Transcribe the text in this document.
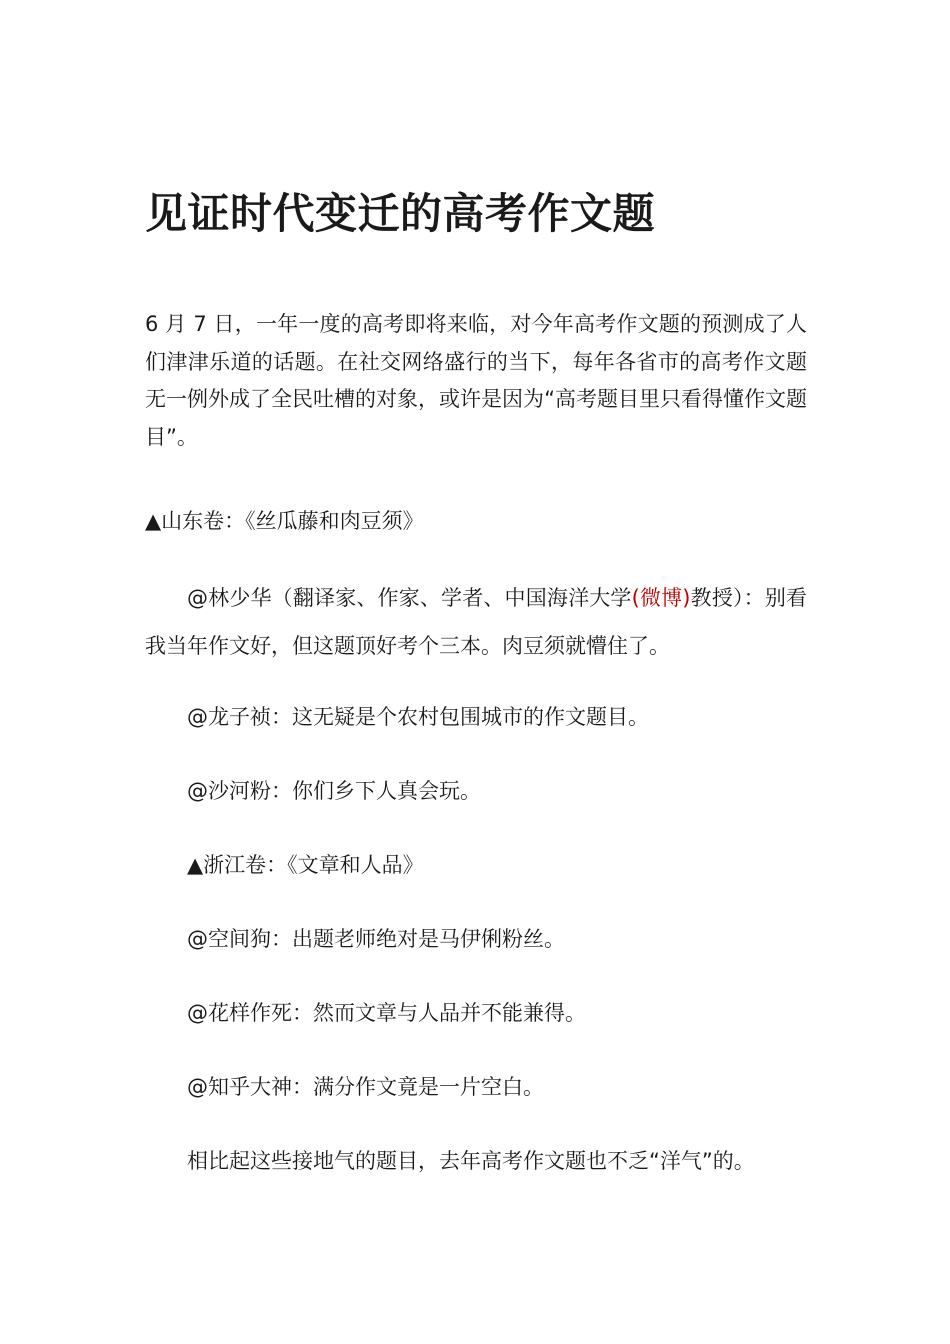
见证时代变迁的高考作文题

6 月 7 日，一年一度的高考即将来临，对今年高考作文题的预测成了人们津津乐道的话题。在社交网络盛行的当下，每年各省市的高考作文题无一例外成了全民吐槽的对象，或许是因为“高考题目里只看得懂作文题目”。

▲山东卷：《丝瓜藤和肉豆须》

@林少华（翻译家、作家、学者、中国海洋大学(微博)教授）：别看我当年作文好，但这题顶好考个三本。肉豆须就懵住了。

@龙子祯：这无疑是个农村包围城市的作文题目。

@沙河粉：你们乡下人真会玩。

▲浙江卷：《文章和人品》

@空间狗：出题老师绝对是马伊俐粉丝。

@花样作死：然而文章与人品并不能兼得。

@知乎大神：满分作文竟是一片空白。

相比起这些接地气的题目，去年高考作文题也不乏“洋气”的。
